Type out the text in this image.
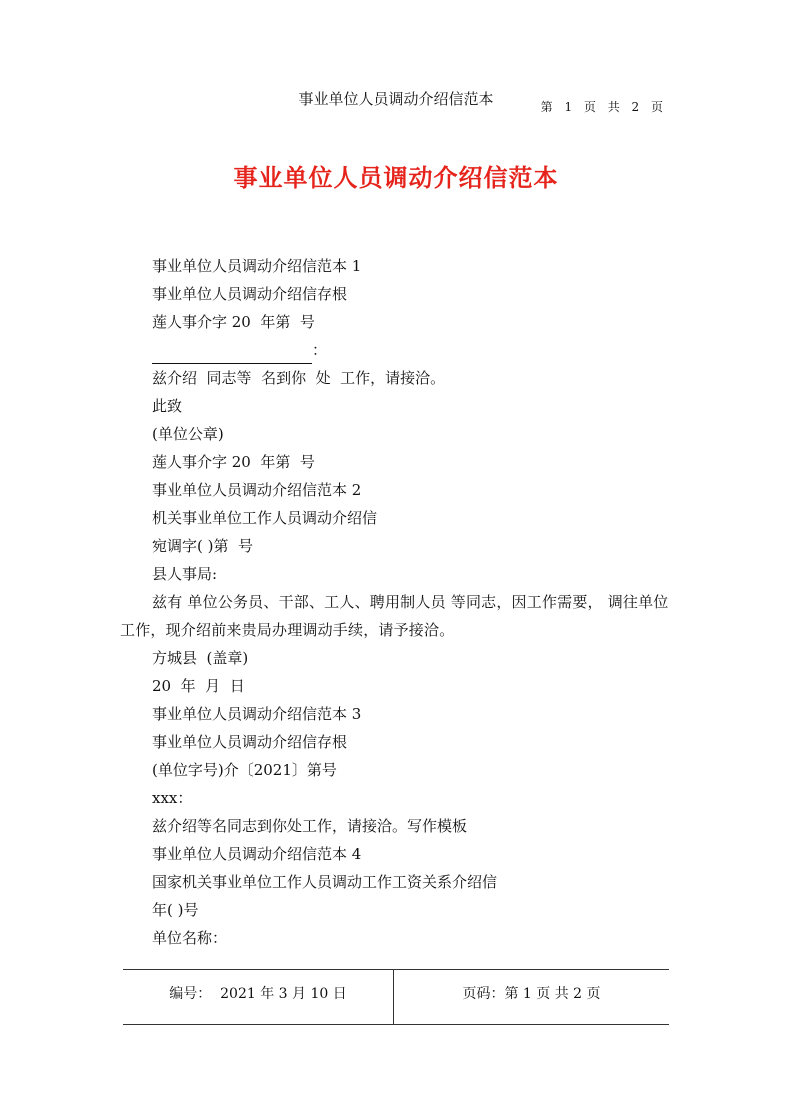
事业单位人员调动介绍信范本	第 1 页 共 2 页
事业单位人员调动介绍信范本
事业单位人员调动介绍信范本 1
事业单位人员调动介绍信存根
莲人事介字 20  年第  号
：
兹介绍  同志等  名到你  处  工作，请接洽。
此致
(单位公章)
莲人事介字 20  年第  号
事业单位人员调动介绍信范本 2
机关事业单位工作人员调动介绍信
宛调字( )第  号
县人事局:
兹有 单位公务员、干部、工人、聘用制人员 等同志，因工作需要， 调往单位工作，现介绍前来贵局办理调动手续，请予接洽。
方城县  (盖章)
20  年  月  日
事业单位人员调动介绍信范本 3
事业单位人员调动介绍信存根
(单位字号)介〔2021〕第号
xxx：
兹介绍等名同志到你处工作，请接洽。写作模板
事业单位人员调动介绍信范本 4
国家机关事业单位工作人员调动工作工资关系介绍信
年( )号
单位名称：
编号： 2021 年 3 月 10 日	页码：第 1 页 共 2 页
